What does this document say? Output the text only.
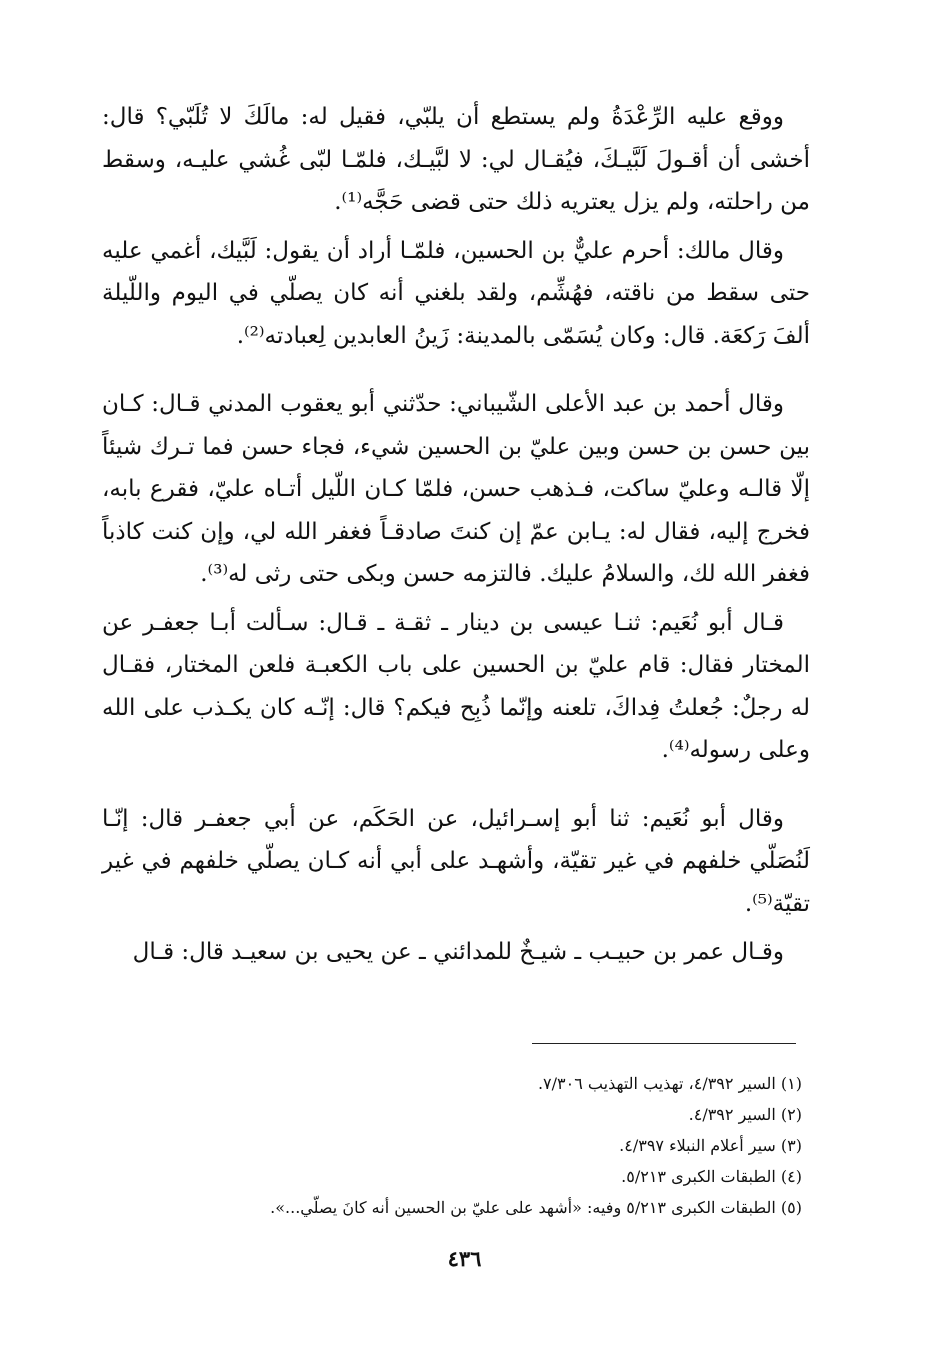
ووقع عليه الرِّعْدَةُ ولم يستطع أن يلبّي، فقيل له: مالَكَ لا تُلَبّي؟ قال: أخشى أن أقـولَ لَبَّيـكَ، فيُقـال لي: لا لبَّيـك، فلمّـا لبّى غُشي عليـه، وسقط من راحلته، ولم يزل يعتريه ذلك حتى قضى حَجَّه⁽¹⁾.

وقال مالك: أحرم عليٌّ بن الحسين، فلمّـا أراد أن يقول: لَبَّيك، أغمي عليه حتى سقط من ناقته، فهُشِّم، ولقد بلغني أنه كان يصلّي في اليوم واللّيلة ألفَ رَكعَة. قال: وكان يُسَمّى بالمدينة: زَينُ العابدين لِعبادته⁽²⁾.

وقال أحمد بن عبد الأعلى الشّيباني: حدّثني أبو يعقوب المدني قـال: كـان بين حسن بن حسن وبين عليّ بن الحسين شيء، فجاء حسن فما تـرك شيئاً إلّا قالـه وعليّ ساكت، فـذهب حسن، فلمّا كـان اللّيل أتـاه عليّ، فقرع بابه، فخرج إليه، فقال له: يـابن عمّ إن كنتَ صادقـاً فغفر الله لي، وإن كنت كاذباً فغفر الله لك، والسلامُ عليك. فالتزمه حسن وبكى حتى رثى له⁽³⁾.

قـال أبو نُعَيم: ثنـا عيسى بن دينار ـ ثقـة ـ قـال: سـألت أبـا جعفـر عن المختار فقال: قام عليّ بن الحسين على باب الكعبـة فلعن المختار، فقـال له رجلٌ: جُعلتُ فِداكَ، تلعنه وإنّما ذُبِح فيكم؟ قال: إنّـه كان يكـذب على الله وعلى رسوله⁽⁴⁾.

وقال أبو نُعَيم: ثنا أبو إسـرائيل، عن الحَكَم، عن أبي جعفـر قال: إنّـا لَنُصَلّي خلفهم في غير تقيّة، وأشهـد على أبي أنه كـان يصلّي خلفهم في غير تقيّة⁽⁵⁾.

وقـال عمر بن حبيـب ـ شيـخٌ للمدائني ـ عن يحيى بن سعيـد قال: قـال

(١) السير ٤/٣٩٢، تهذيب التهذيب ٧/٣٠٦.
(٢) السير ٤/٣٩٢.
(٣) سير أعلام النبلاء ٤/٣٩٧.
(٤) الطبقات الكبرى ٥/٢١٣.
(٥) الطبقات الكبرى ٥/٢١٣ وفيه: «أشهد على عليّ بن الحسين أنه كانَ يصلّي...».
٤٣٦
